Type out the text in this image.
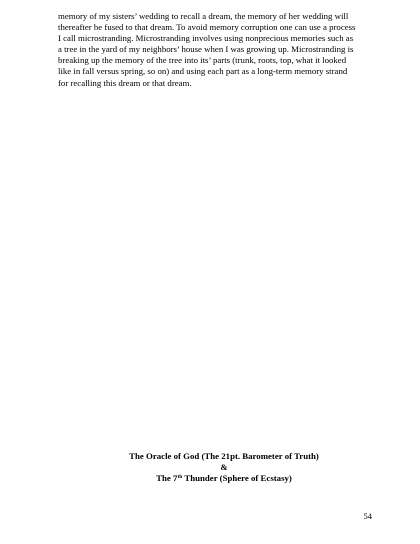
memory of my sisters’ wedding to recall a dream, the memory of her wedding will
thereafter be fused to that dream. To avoid memory corruption one can use a process
I call microstranding. Microstranding involves using nonprecious memories such as
a tree in the yard of my neighbors’ house when I was growing up. Microstranding is
breaking up the memory of the tree into its’ parts (trunk, roots, top, what it looked
like in fall versus spring, so on) and using each part as a long-term memory strand
for recalling this dream or that dream.

The Oracle of God (The 21pt. Barometer of Truth)
&
The 7th Thunder (Sphere of Ecstasy)
54
